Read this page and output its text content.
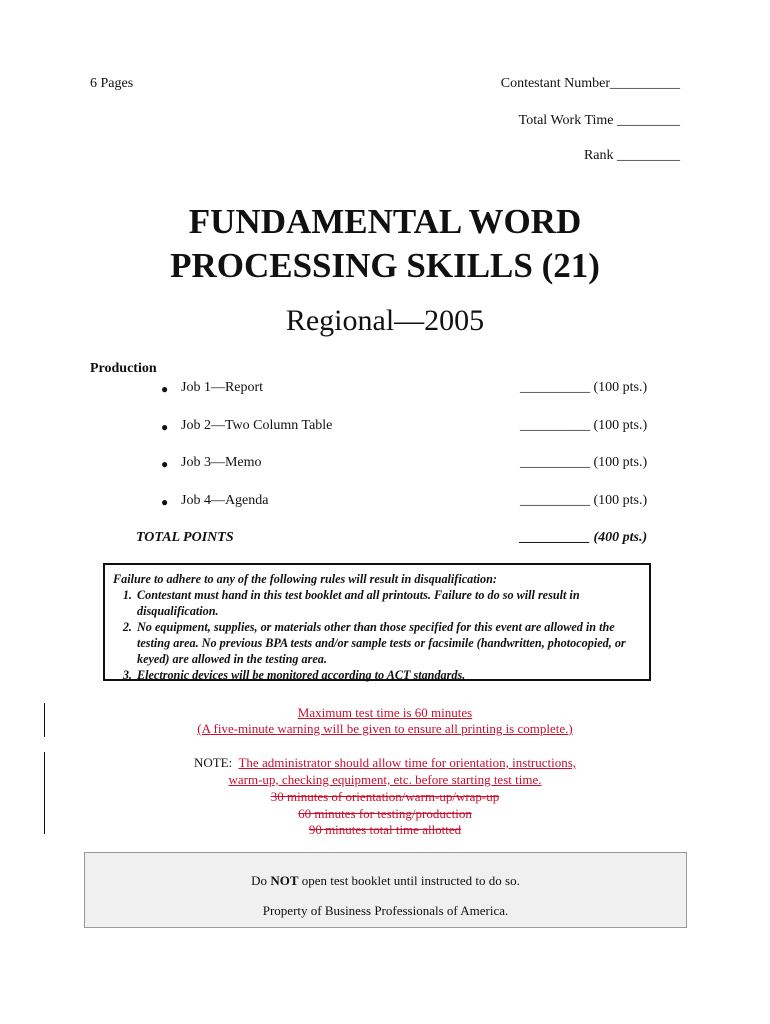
6 Pages	Contestant Number__________
Total Work Time _________
Rank _________
FUNDAMENTAL WORD
PROCESSING SKILLS (21)
Regional—2005
Production
● Job 1—Report	__________ (100 pts.)
● Job 2—Two Column Table	__________ (100 pts.)
● Job 3—Memo	__________ (100 pts.)
● Job 4—Agenda	__________ (100 pts.)
TOTAL POINTS	__________ (400 pts.)
Failure to adhere to any of the following rules will result in disqualification:
1. Contestant must hand in this test booklet and all printouts. Failure to do so will result in disqualification.
2. No equipment, supplies, or materials other than those specified for this event are allowed in the testing area. No previous BPA tests and/or sample tests or facsimile (handwritten, photocopied, or keyed) are allowed in the testing area.
3. Electronic devices will be monitored according to ACT standards.
Maximum test time is 60 minutes
(A five-minute warning will be given to ensure all printing is complete.)
NOTE:  The administrator should allow time for orientation, instructions,
warm-up, checking equipment, etc. before starting test time.
30 minutes of orientation/warm-up/wrap-up
60 minutes for testing/production
90 minutes total time allotted
Do NOT open test booklet until instructed to do so.
Property of Business Professionals of America.
